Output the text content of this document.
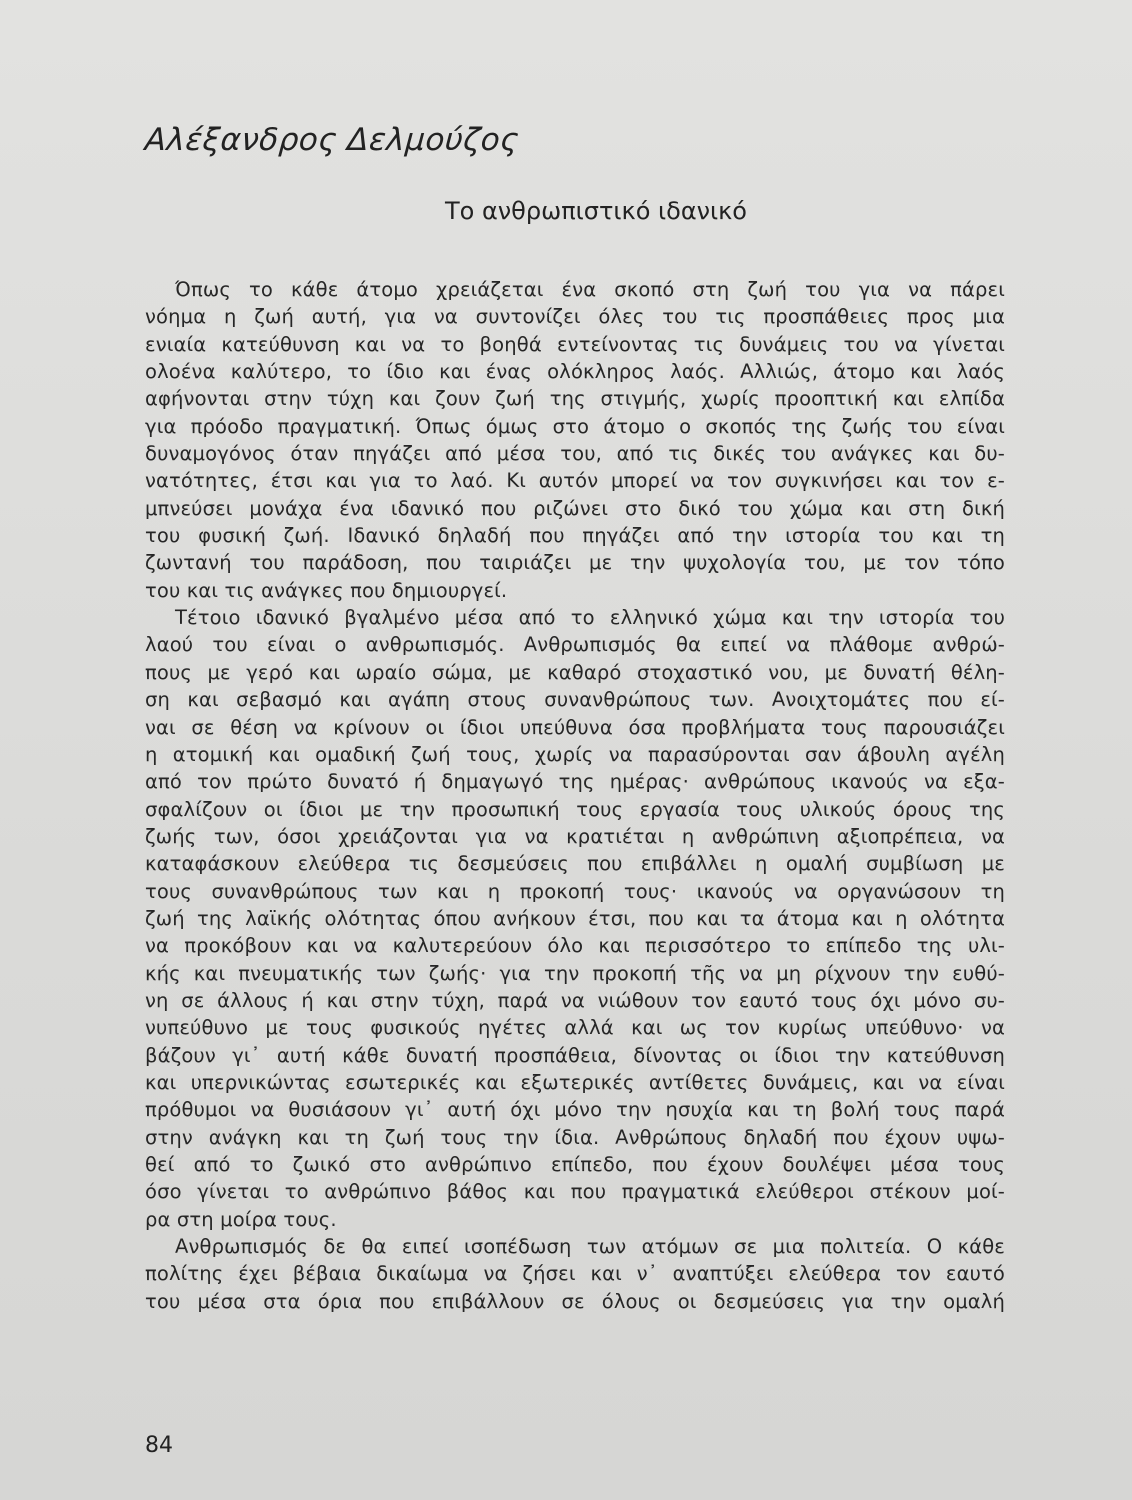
Αλέξανδρος Δελμούζος
Το ανθρωπιστικό ιδανικό
Όπως το κάθε άτομο χρειάζεται ένα σκοπό στη ζωή του για να πάρει
νόημα η ζωή αυτή, για να συντονίζει όλες του τις προσπάθειες προς μια
ενιαία κατεύθυνση και να το βοηθά εντείνοντας τις δυνάμεις του να γίνεται
ολοένα καλύτερο, το ίδιο και ένας ολόκληρος λαός. Αλλιώς, άτομο και λαός
αφήνονται στην τύχη και ζουν ζωή της στιγμής, χωρίς προοπτική και ελπίδα
για πρόοδο πραγματική. Όπως όμως στο άτομο ο σκοπός της ζωής του είναι
δυναμογόνος όταν πηγάζει από μέσα του, από τις δικές του ανάγκες και δυ-
νατότητες, έτσι και για το λαό. Κι αυτόν μπορεί να τον συγκινήσει και τον ε-
μπνεύσει μονάχα ένα ιδανικό που ριζώνει στο δικό του χώμα και στη δική
του φυσική ζωή. Ιδανικό δηλαδή που πηγάζει από την ιστορία του και τη
ζωντανή του παράδοση, που ταιριάζει με την ψυχολογία του, με τον τόπο
του και τις ανάγκες που δημιουργεί.
Τέτοιο ιδανικό βγαλμένο μέσα από το ελληνικό χώμα και την ιστορία του
λαού του είναι ο ανθρωπισμός. Ανθρωπισμός θα ειπεί να πλάθομε ανθρώ-
πους με γερό και ωραίο σώμα, με καθαρό στοχαστικό νου, με δυνατή θέλη-
ση και σεβασμό και αγάπη στους συνανθρώπους των. Ανοιχτομάτες που εί-
ναι σε θέση να κρίνουν οι ίδιοι υπεύθυνα όσα προβλήματα τους παρουσιάζει
η ατομική και ομαδική ζωή τους, χωρίς να παρασύρονται σαν άβουλη αγέλη
από τον πρώτο δυνατό ή δημαγωγό της ημέρας· ανθρώπους ικανούς να εξα-
σφαλίζουν οι ίδιοι με την προσωπική τους εργασία τους υλικούς όρους της
ζωής των, όσοι χρειάζονται για να κρατιέται η ανθρώπινη αξιοπρέπεια, να
καταφάσκουν ελεύθερα τις δεσμεύσεις που επιβάλλει η ομαλή συμβίωση με
τους συνανθρώπους των και η προκοπή τους· ικανούς να οργανώσουν τη
ζωή της λαϊκής ολότητας όπου ανήκουν έτσι, που και τα άτομα και η ολότητα
να προκόβουν και να καλυτερεύουν όλο και περισσότερο το επίπεδο της υλι-
κής και πνευματικής των ζωής· για την προκοπή τῆς να μη ρίχνουν την ευθύ-
νη σε άλλους ή και στην τύχη, παρά να νιώθουν τον εαυτό τους όχι μόνο συ-
νυπεύθυνο με τους φυσικούς ηγέτες αλλά και ως τον κυρίως υπεύθυνο· να
βάζουν γι᾽ αυτή κάθε δυνατή προσπάθεια, δίνοντας οι ίδιοι την κατεύθυνση
και υπερνικώντας εσωτερικές και εξωτερικές αντίθετες δυνάμεις, και να είναι
πρόθυμοι να θυσιάσουν γι᾽ αυτή όχι μόνο την ησυχία και τη βολή τους παρά
στην ανάγκη και τη ζωή τους την ίδια. Ανθρώπους δηλαδή που έχουν υψω-
θεί από το ζωικό στο ανθρώπινο επίπεδο, που έχουν δουλέψει μέσα τους
όσο γίνεται το ανθρώπινο βάθος και που πραγματικά ελεύθεροι στέκουν μοί-
ρα στη μοίρα τους.
Ανθρωπισμός δε θα ειπεί ισοπέδωση των ατόμων σε μια πολιτεία. Ο κάθε
πολίτης έχει βέβαια δικαίωμα να ζήσει και ν᾽ αναπτύξει ελεύθερα τον εαυτό
του μέσα στα όρια που επιβάλλουν σε όλους οι δεσμεύσεις για την ομαλή

84
